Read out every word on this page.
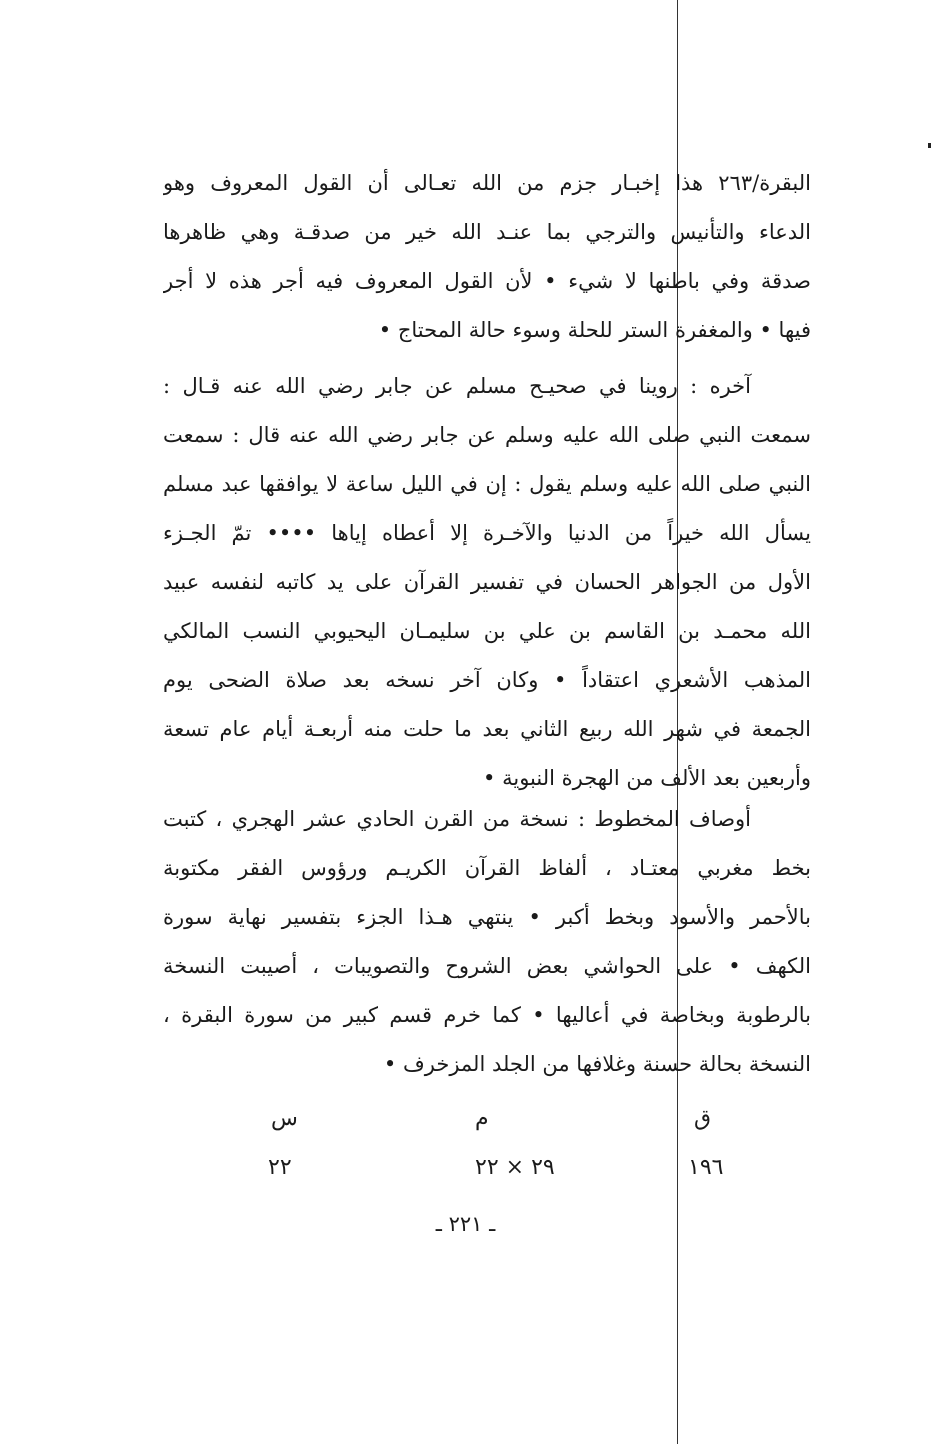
البقرة/٢٦٣ هذا إخبـار جزم من الله تعـالى أن القول المعروف وهو
الدعاء والتأنيس والترجي بما عنـد الله خير من صدقـة وهي ظاهرها
صدقة وفي باطنها لا شيء • لأن القول المعروف فيه أجر هذه لا أجر
فيها • والمغفرة الستر للحلة وسوء حالة المحتاج •
آخره : روينا في صحيـح مسلم عن جابر رضي الله عنه قـال :
سمعت النبي صلى الله عليه وسلم عن جابر رضي الله عنه قال : سمعت
النبي صلى الله عليه وسلم يقول : إن في الليل ساعة لا يوافقها عبد مسلم
يسأل الله خيراً من الدنيا والآخـرة إلا أعطاه إياها •••• تمّ الجـزء
الأول من الجواهر الحسان في تفسير القرآن على يد كاتبه لنفسه عبيد
الله محمـد بن القاسم بن علي بن سليمـان اليحيوبي النسب المالكي
المذهب الأشعري اعتقاداً • وكان آخر نسخه بعد صلاة الضحى يوم
الجمعة في شهر الله ربيع الثاني بعد ما حلت منه أربعـة أيام عام تسعة
وأربعين بعد الألف من الهجرة النبوية •
أوصاف المخطوط : نسخة من القرن الحادي عشر الهجري ، كتبت
بخط مغربي معتـاد ، ألفاظ القرآن الكريـم ورؤوس الفقر مكتوبة
بالأحمر والأسود وبخط أكبر • ينتهي هـذا الجزء بتفسير نهاية سورة
الكهف • على الحواشي بعض الشروح والتصويبات ، أصيبت النسخة
بالرطوبة وبخاصة في أعاليها • كما خرم قسم كبير من سورة البقرة ،
النسخة بحالة حسنة وغلافها من الجلد المزخرف •
ق
م
س
١٩٦
٢٩ × ٢٢
٢٢
ـ ٢٢١ ـ
